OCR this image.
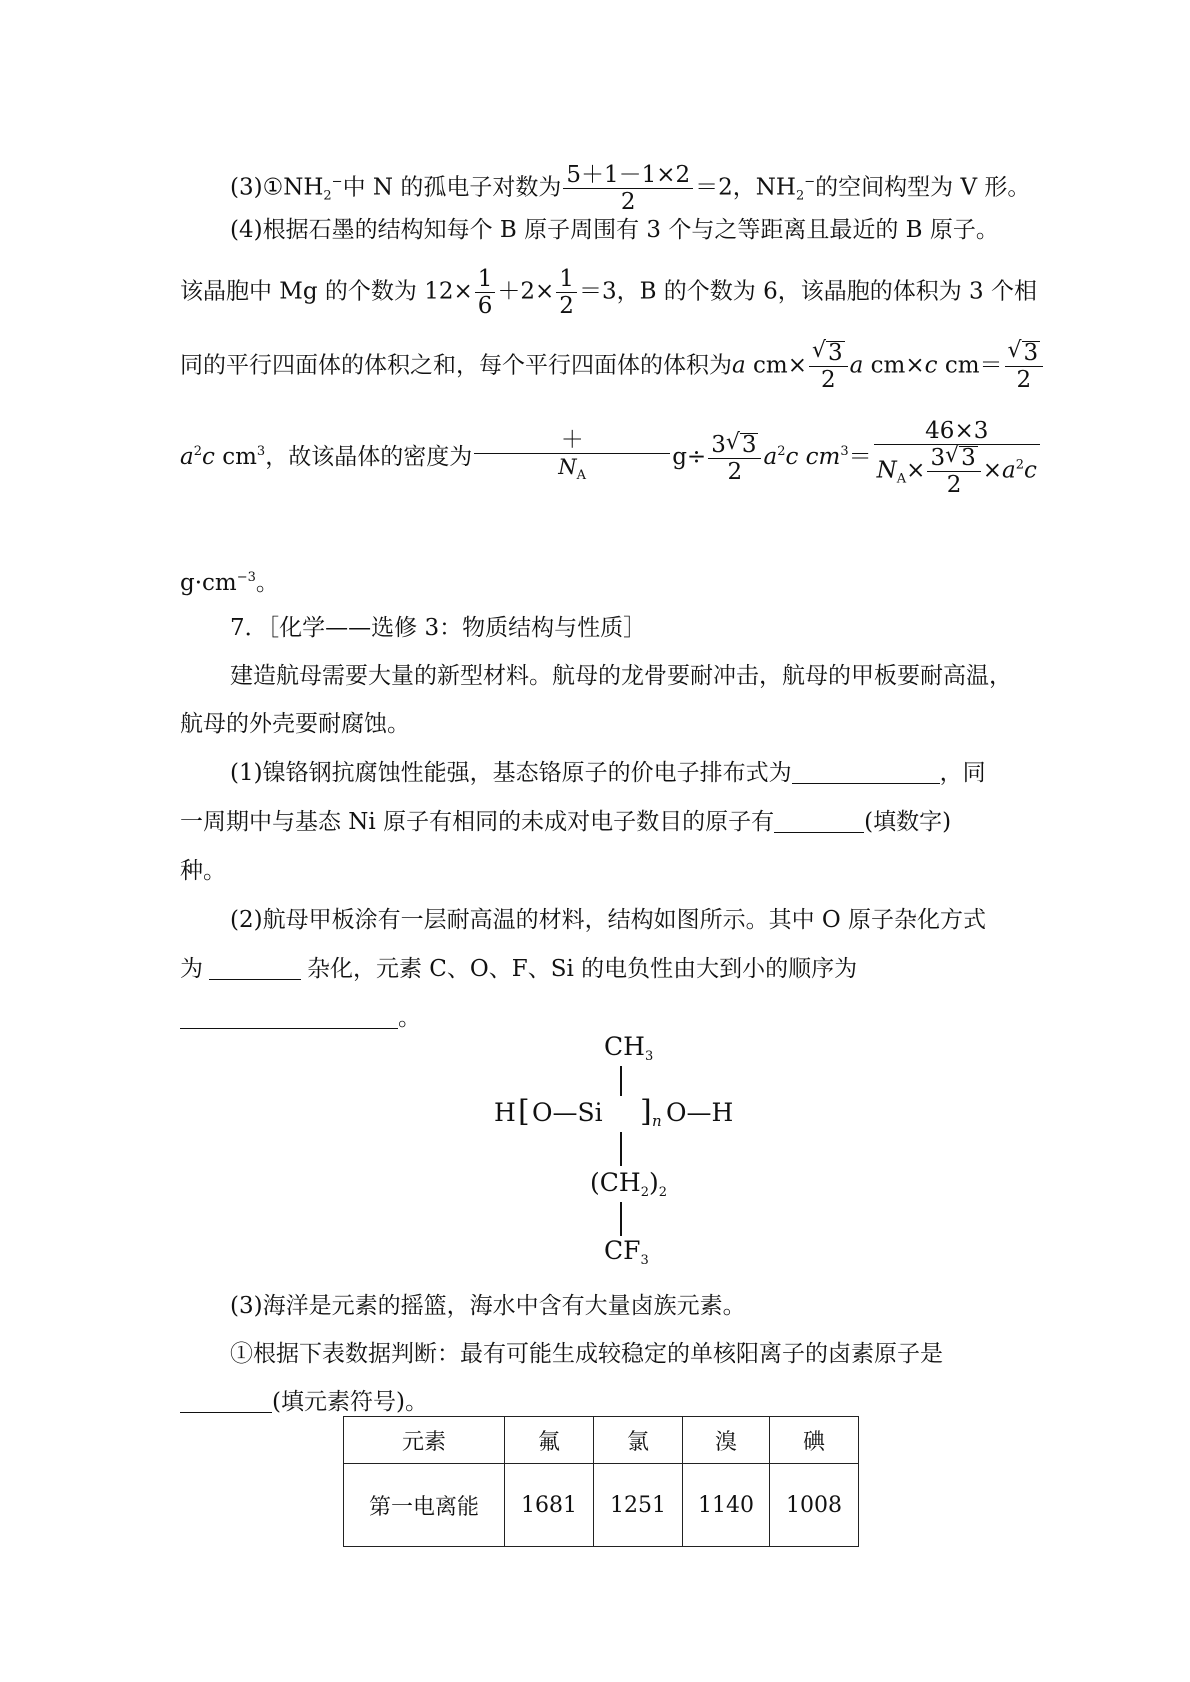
$(3)①NH_2^-$中 N 的孤电子对数为 $\frac{5+1-1\times 2}{2} =2$，$NH_2^-$的空间构型为 V 形。
(4)根据石墨的结构知每个 B 原子周围有 3 个与之等距离且最近的 B 原子。
该晶胞中 Mg 的个数为 $12\times \frac{1}{6} +2\times \frac{1}{2} =3$，B 的个数为 6，该晶胞的体积为 3 个相
同的平行四面体的体积之和，每个平行四面体的体积为a cm× √ $\frac{3}{2}$ a cm×c cm＝ √ $\frac{3}{2}$
$a^2c$ $cm^3$，故该晶体的密度为 $\frac{+}{N_A} g\div \frac{3 √ 3}{2} a^2c$ $cm^3= \frac{46\times 3}{N_A\times \frac{3 √ 3}{2} \times a^2c}$
$g\cdot cm^{-3}$。
7．［化学——选修 3：物质结构与性质］
建造航母需要大量的新型材料。航母的龙骨要耐冲击，航母的甲板要耐高温，
航母的外壳要耐腐蚀。
(1)镍铬钢抗腐蚀性能强，基态铬原子的价电子排布式为	，同
一周期中与基态 Ni 原子有相同的未成对电子数目的原子有	(填数字)
种。
(2)航母甲板涂有一层耐高温的材料，结构如图所示。其中 O 原子杂化方式
为	杂化，元素 C、O、F、Si 的电负性由大到小的顺序为
。
$CH_3$
H [ O—Si ] n O—H
$(CH_2)_2$
$CF_3$
(3)海洋是元素的摇篮，海水中含有大量卤族元素。
①根据下表数据判断：最有可能生成较稳定的单核阳离子的卤素原子是
(填元素符号)。
元素	氟	氯	溴	碘
第一电离能	1681	1251	1140	1008
